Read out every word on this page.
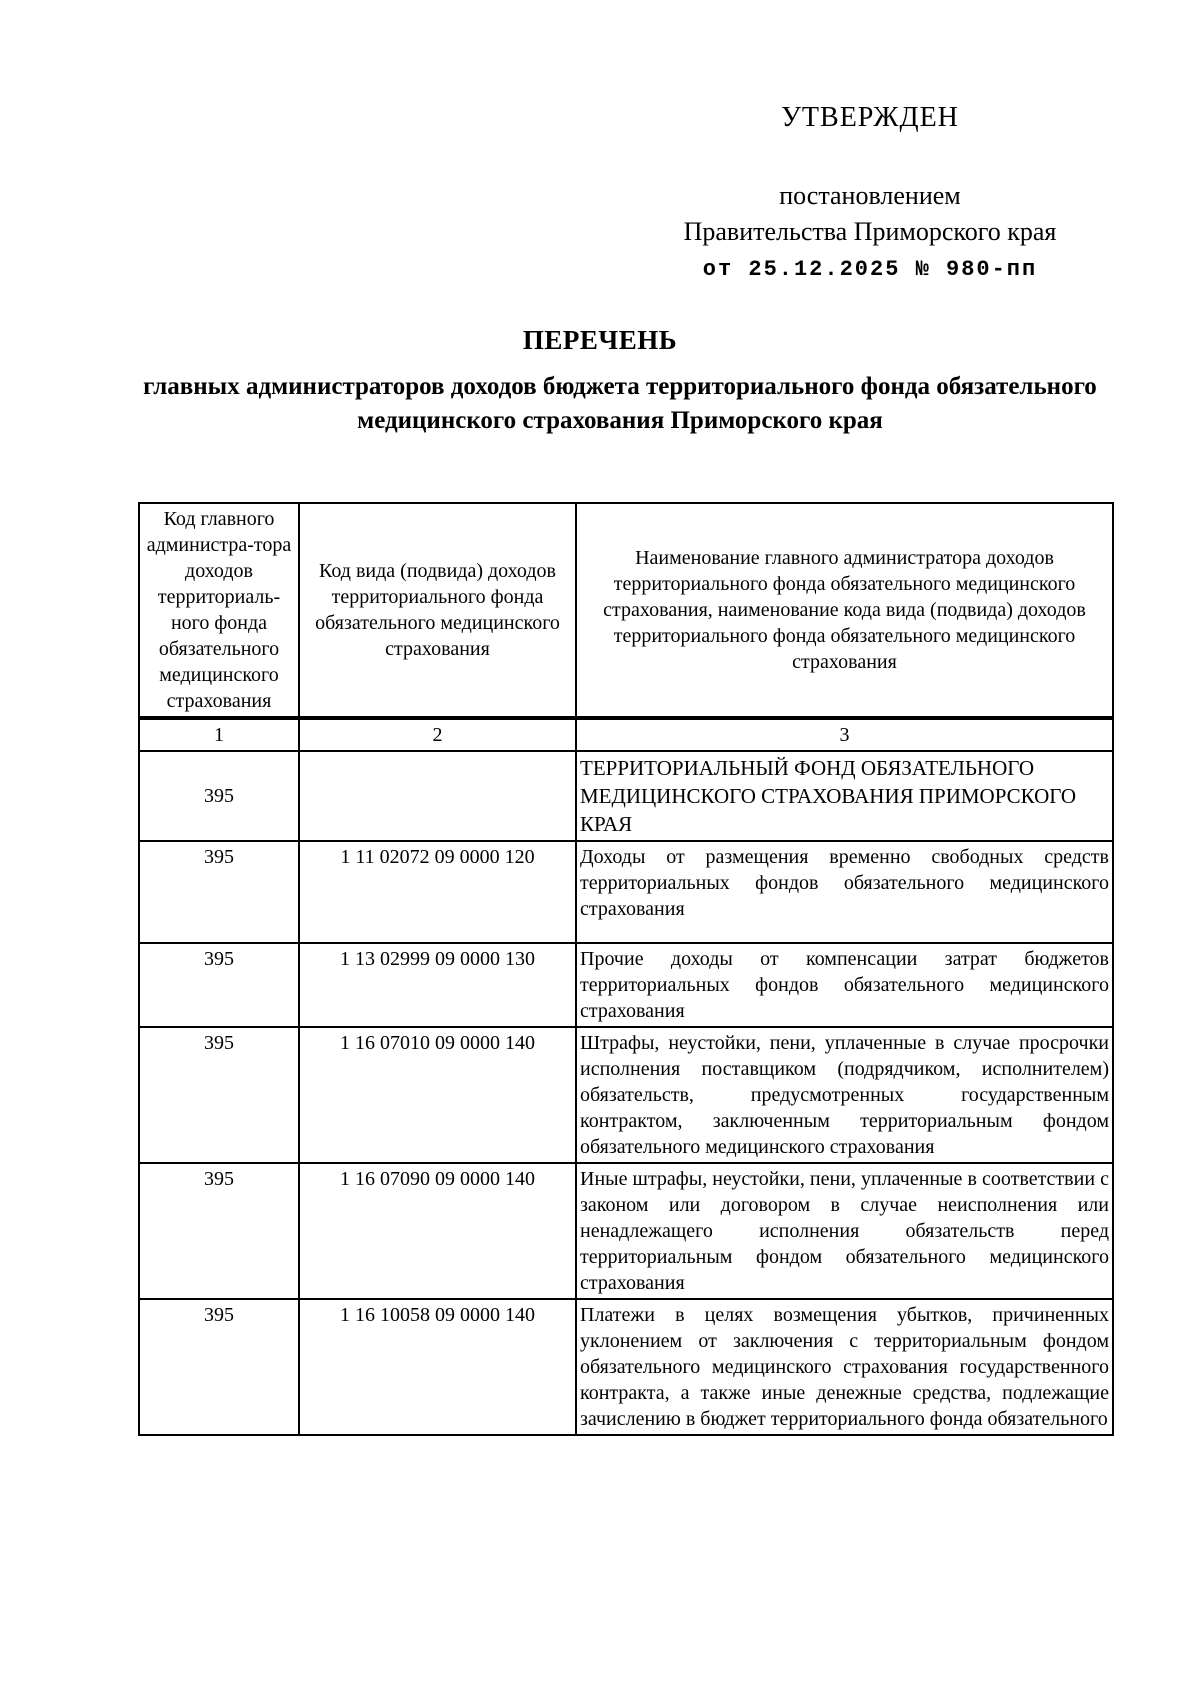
УТВЕРЖДЕН
постановлением
Правительства Приморского края
от 25.12.2025 № 980-пп
ПЕРЕЧЕНЬ
главных администраторов доходов бюджета территориального фонда обязательного медицинского страхования Приморского края
Код главного администра-тора доходов территориаль-ного фонда обязательного медицинского страхования	Код вида (подвида) доходов территориального фонда обязательного медицинского страхования	Наименование главного администратора доходов территориального фонда обязательного медицинского страхования, наименование кода вида (подвида) доходов территориального фонда обязательного медицинского страхования
1	2	3
395		ТЕРРИТОРИАЛЬНЫЙ ФОНД ОБЯЗАТЕЛЬНОГО МЕДИЦИНСКОГО СТРАХОВАНИЯ ПРИМОРСКОГО КРАЯ
395	1 11 02072 09 0000 120	Доходы от размещения временно свободных средств территориальных фондов обязательного медицинского страхования
395	1 13 02999 09 0000 130	Прочие доходы от компенсации затрат бюджетов территориальных фондов обязательного медицинского страхования
395	1 16 07010 09 0000 140	Штрафы, неустойки, пени, уплаченные в случае просрочки исполнения поставщиком (подрядчиком, исполнителем) обязательств, предусмотренных государственным контрактом, заключенным территориальным фондом обязательного медицинского страхования
395	1 16 07090 09 0000 140	Иные штрафы, неустойки, пени, уплаченные в соответствии с законом или договором в случае неисполнения или ненадлежащего исполнения обязательств перед территориальным фондом обязательного медицинского страхования
395	1 16 10058 09 0000 140	Платежи в целях возмещения убытков, причиненных уклонением от заключения с территориальным фондом обязательного медицинского страхования государственного контракта, а также иные денежные средства, подлежащие зачислению в бюджет территориального фонда обязательного
